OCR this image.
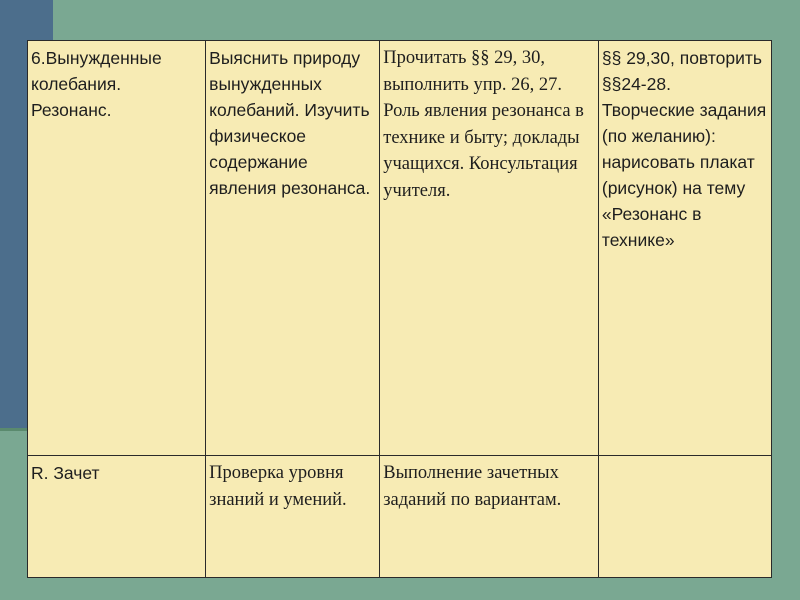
6.Вынужденные колебания. Резонанс.	Выяснить природу вынужденных колебаний. Изучить физическое содержание явления резонанса.	Прочитать §§ 29, 30, выполнить упр. 26, 27. Роль явления резонанса в технике и быту; доклады учащихся. Консультация учителя.	§§ 29,30, повторить §§24-28. Творческие задания (по желанию): нарисовать плакат (рисунок) на тему «Резонанс в технике»
R. Зачет	Проверка уровня знаний и умений.	Выполнение зачетных заданий по вариантам.	
